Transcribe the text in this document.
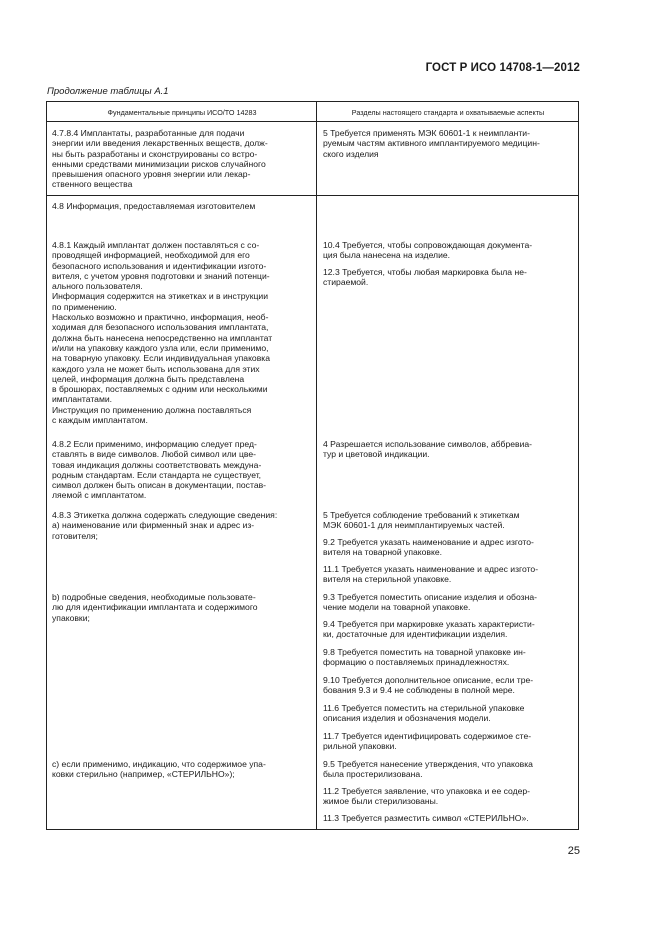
ГОСТ Р ИСО 14708-1—2012
Продолжение таблицы А.1
Фундаментальные принципы ИСО/ТО 14283	Разделы настоящего стандарта и охватываемые аспекты
4.7.8.4 Имплантаты, разработанные для подачи
энергии или введения лекарственных веществ, долж-
ны быть разработаны и сконструированы со встро-
енными средствами минимизации рисков случайного
превышения опасного уровня энергии или лекар-
ственного вещества
5 Требуется применять МЭК 60601-1 к неимпланти-
руемым частям активного имплантируемого медицин-
ского изделия
4.8 Информация, предоставляемая изготовителем
4.8.1 Каждый имплантат должен поставляться с со-
проводящей информацией, необходимой для его
безопасного использования и идентификации изгото-
вителя, с учетом уровня подготовки и знаний потенци-
ального пользователя.
Информация содержится на этикетках и в инструкции
по применению.
Насколько возможно и практично, информация, необ-
ходимая для безопасного использования имплантата,
должна быть нанесена непосредственно на имплантат
и/или на упаковку каждого узла или, если применимо,
на товарную упаковку. Если индивидуальная упаковка
каждого узла не может быть использована для этих
целей, информация должна быть представлена
в брошюрах, поставляемых с одним или несколькими
имплантатами.
Инструкция по применению должна поставляться
с каждым имплантатом.
10.4 Требуется, чтобы сопровождающая документа-
ция была нанесена на изделие.
12.3 Требуется, чтобы любая маркировка была не-
стираемой.
4.8.2 Если применимо, информацию следует пред-
ставлять в виде символов. Любой символ или цве-
товая индикация должны соответствовать междуна-
родным стандартам. Если стандарта не существует,
символ должен быть описан в документации, постав-
ляемой с имплантатом.
4 Разрешается использование символов, аббревиа-
тур и цветовой индикации.
4.8.3 Этикетка должна содержать следующие сведения:
а) наименование или фирменный знак и адрес из-
готовителя;
5 Требуется соблюдение требований к этикеткам
МЭК 60601-1 для неимплантируемых частей.
9.2 Требуется указать наименование и адрес изгото-
вителя на товарной упаковке.
11.1 Требуется указать наименование и адрес изгото-
вителя на стерильной упаковке.
b) подробные сведения, необходимые пользовате-
лю для идентификации имплантата и содержимого
упаковки;
9.3 Требуется поместить описание изделия и обозна-
чение модели на товарной упаковке.
9.4 Требуется при маркировке указать характеристи-
ки, достаточные для идентификации изделия.
9.8 Требуется поместить на товарной упаковке ин-
формацию о поставляемых принадлежностях.
9.10 Требуется дополнительное описание, если тре-
бования 9.3 и 9.4 не соблюдены в полной мере.
11.6 Требуется поместить на стерильной упаковке
описания изделия и обозначения модели.
11.7 Требуется идентифицировать содержимое сте-
рильной упаковки.
c) если применимо, индикацию, что содержимое упа-
ковки стерильно (например, «СТЕРИЛЬНО»);
9.5 Требуется нанесение утверждения, что упаковка
была простерилизована.
11.2 Требуется заявление, что упаковка и ее содер-
жимое были стерилизованы.
11.3 Требуется разместить символ «СТЕРИЛЬНО».
25
